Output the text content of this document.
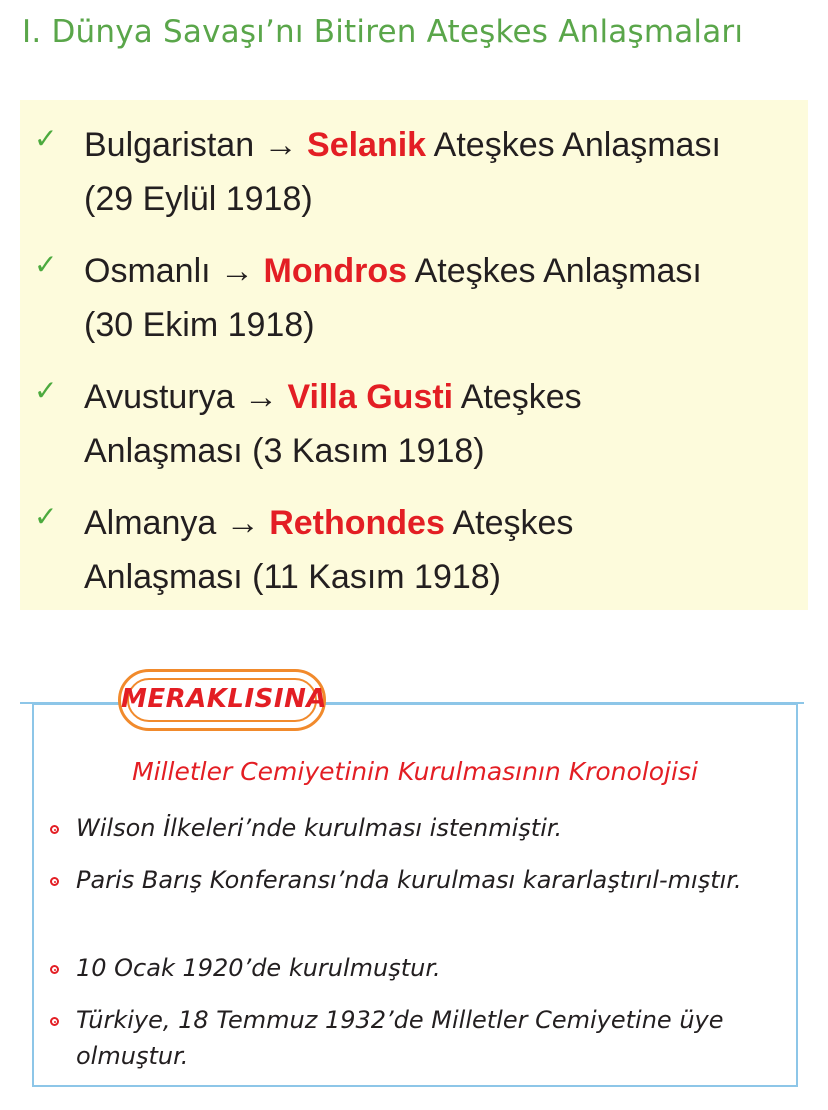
I. Dünya Savaşı’nı Bitiren Ateşkes Anlaşmaları
✓ Bulgaristan → Selanik Ateşkes Anlaşması
(29 Eylül 1918)

✓ Osmanlı → Mondros Ateşkes Anlaşması
(30 Ekim 1918)

✓ Avusturya → Villa Gusti Ateşkes
Anlaşması (3 Kasım 1918)

✓ Almanya → Rethondes Ateşkes
Anlaşması (11 Kasım 1918)

MERAKLISINA
Milletler Cemiyetinin Kurulmasının Kronolojisi
Wilson İlkeleri’nde kurulması istenmiştir.
Paris Barış Konferansı’nda kurulması kararlaştırıl-mıştır.
10 Ocak 1920’de kurulmuştur.
Türkiye, 18 Temmuz 1932’de Milletler Cemiyetine üye olmuştur.
